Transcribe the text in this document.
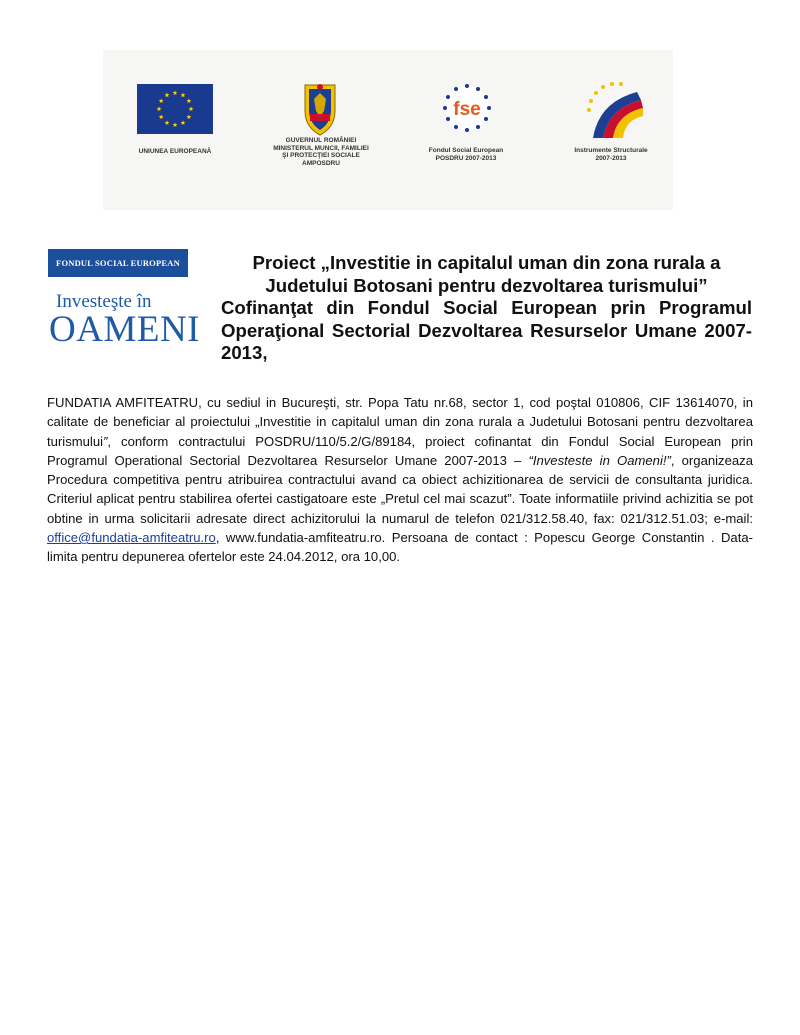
UNIUNEA EUROPEANĂ
GUVERNUL ROMÂNIEI
MINISTERUL MUNCII, FAMILIEI
ŞI PROTECŢIEI SOCIALE
AMPOSDRU
fse
Fondul Social European
POSDRU 2007-2013
Instrumente Structurale
2007-2013
FONDUL SOCIAL EUROPEAN
Investeşte în
OAMENI
Proiect „Investitie in capitalul uman din zona rurala a
Judetului Botosani pentru dezvoltarea turismului”
Cofinanţat din Fondul Social European prin Programul Operaţional Sectorial Dezvoltarea Resurselor Umane 2007- 2013,
FUNDATIA AMFITEATRU, cu sediul in Bucureşti, str. Popa Tatu nr.68, sector 1, cod poştal 010806, CIF 13614070, in calitate de beneficiar al proiectului „Investitie in capitalul uman din zona rurala a Judetului Botosani pentru dezvoltarea turismului”, conform contractului POSDRU/110/5.2/G/89184, proiect cofinantat din Fondul Social European prin Programul Operational Sectorial Dezvoltarea Resurselor Umane 2007-2013 – “Investeste in Oameni!”, organizeaza Procedura competitiva pentru atribuirea contractului avand ca obiect achizitionarea de servicii de consultanta juridica. Criteriul aplicat pentru stabilirea ofertei castigatoare este „Pretul cel mai scazut”. Toate informatiile privind achizitia se pot obtine in urma solicitarii adresate direct achizitorului la numarul de telefon 021/312.58.40, fax: 021/312.51.03; e-mail: office@fundatia-amfiteatru.ro, www.fundatia-amfiteatru.ro. Persoana de contact : Popescu George Constantin . Data-limita pentru depunerea ofertelor este 24.04.2012, ora 10,00.
